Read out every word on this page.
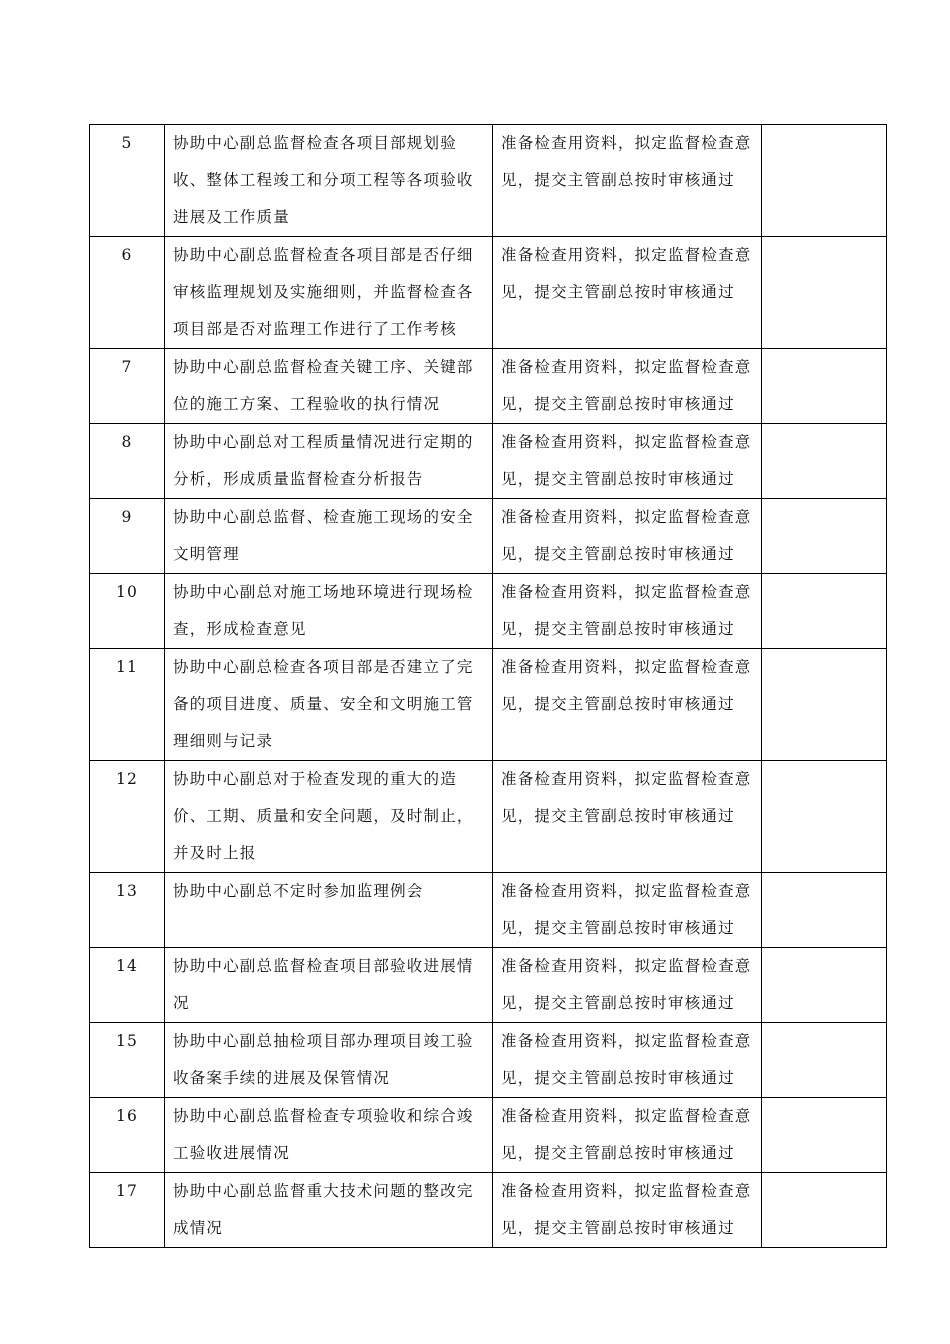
5	协助中心副总监督检查各项目部规划验收、整体工程竣工和分项工程等各项验收进展及工作质量	准备检查用资料，拟定监督检查意见，提交主管副总按时审核通过	

6	协助中心副总监督检查各项目部是否仔细审核监理规划及实施细则，并监督检查各项目部是否对监理工作进行了工作考核	准备检查用资料，拟定监督检查意见，提交主管副总按时审核通过	

7	协助中心副总监督检查关键工序、关键部位的施工方案、工程验收的执行情况	准备检查用资料，拟定监督检查意见，提交主管副总按时审核通过	

8	协助中心副总对工程质量情况进行定期的分析，形成质量监督检查分析报告	准备检查用资料，拟定监督检查意见，提交主管副总按时审核通过	

9	协助中心副总监督、检查施工现场的安全文明管理	准备检查用资料，拟定监督检查意见，提交主管副总按时审核通过	

10	协助中心副总对施工场地环境进行现场检查，形成检查意见	准备检查用资料，拟定监督检查意见，提交主管副总按时审核通过	

11	协助中心副总检查各项目部是否建立了完备的项目进度、质量、安全和文明施工管理细则与记录	准备检查用资料，拟定监督检查意见，提交主管副总按时审核通过	

12	协助中心副总对于检查发现的重大的造价、工期、质量和安全问题，及时制止，并及时上报	准备检查用资料，拟定监督检查意见，提交主管副总按时审核通过	

13	协助中心副总不定时参加监理例会	准备检查用资料，拟定监督检查意见，提交主管副总按时审核通过	

14	协助中心副总监督检查项目部验收进展情况	准备检查用资料，拟定监督检查意见，提交主管副总按时审核通过	

15	协助中心副总抽检项目部办理项目竣工验收备案手续的进展及保管情况	准备检查用资料，拟定监督检查意见，提交主管副总按时审核通过	

16	协助中心副总监督检查专项验收和综合竣工验收进展情况	准备检查用资料，拟定监督检查意见，提交主管副总按时审核通过	

17	协助中心副总监督重大技术问题的整改完成情况	准备检查用资料，拟定监督检查意见，提交主管副总按时审核通过	
